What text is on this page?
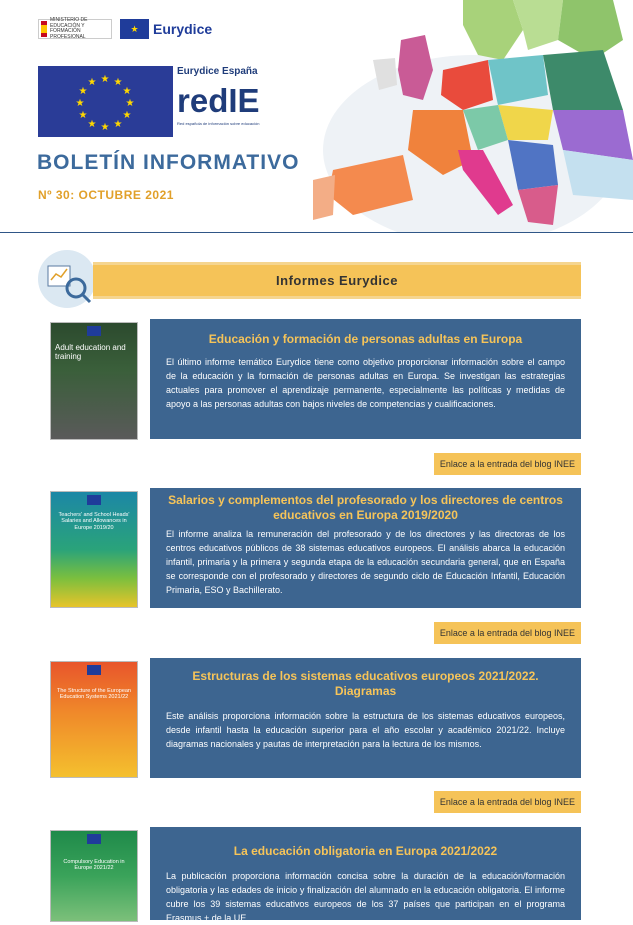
MINISTERIO DE EDUCACIÓN Y FORMACIÓN PROFESIONAL
★	Eurydice
★ ★
★
★
★
★
★
★
★
★
★
★
Eurydice España
redIE
Red española de información sobre educación
BOLETÍN INFORMATIVO
Nº 30: OCTUBRE 2021
Informes Eurydice
Adult education and training
Educación y formación de personas adultas en Europa
El último informe temático Eurydice tiene como objetivo proporcionar información sobre el campo de la educación y la formación de personas adultas en Europa. Se investigan las estrategias actuales para promover el aprendizaje permanente, especialmente las políticas y medidas de apoyo a las personas adultas con bajos niveles de competencias y cualificaciones.
Enlace a la entrada del blog INEE
Teachers' and School Heads' Salaries and Allowances in Europe 2019/20
Salarios y complementos del profesorado y los directores de centros educativos en Europa 2019/2020
El informe analiza la remuneración del profesorado y de los directores y las directoras de los centros educativos públicos de 38 sistemas educativos europeos. El análisis abarca la educación infantil, primaria y la primera y segunda etapa de la educación secundaria general, que en España se corresponde con el profesorado y directores de segundo ciclo de Educación Infantil, Educación Primaria, ESO y Bachillerato.
Enlace a la entrada del blog INEE
The Structure of the European Education Systems 2021/22
Estructuras de los sistemas educativos europeos 2021/2022. Diagramas
Este análisis proporciona información sobre la estructura de los sistemas educativos europeos, desde infantil hasta la educación superior para el año escolar y académico 2021/22. Incluye diagramas nacionales y pautas de interpretación para la lectura de los mismos.
Enlace a la entrada del blog INEE
Compulsory Education in Europe 2021/22
La educación obligatoria en Europa 2021/2022
La publicación proporciona información concisa sobre la duración de la educación/formación obligatoria y las edades de inicio y finalización del alumnado en la educación obligatoria. El informe cubre los 39 sistemas educativos europeos de los 37 países que participan en el programa Erasmus + de la UE.
